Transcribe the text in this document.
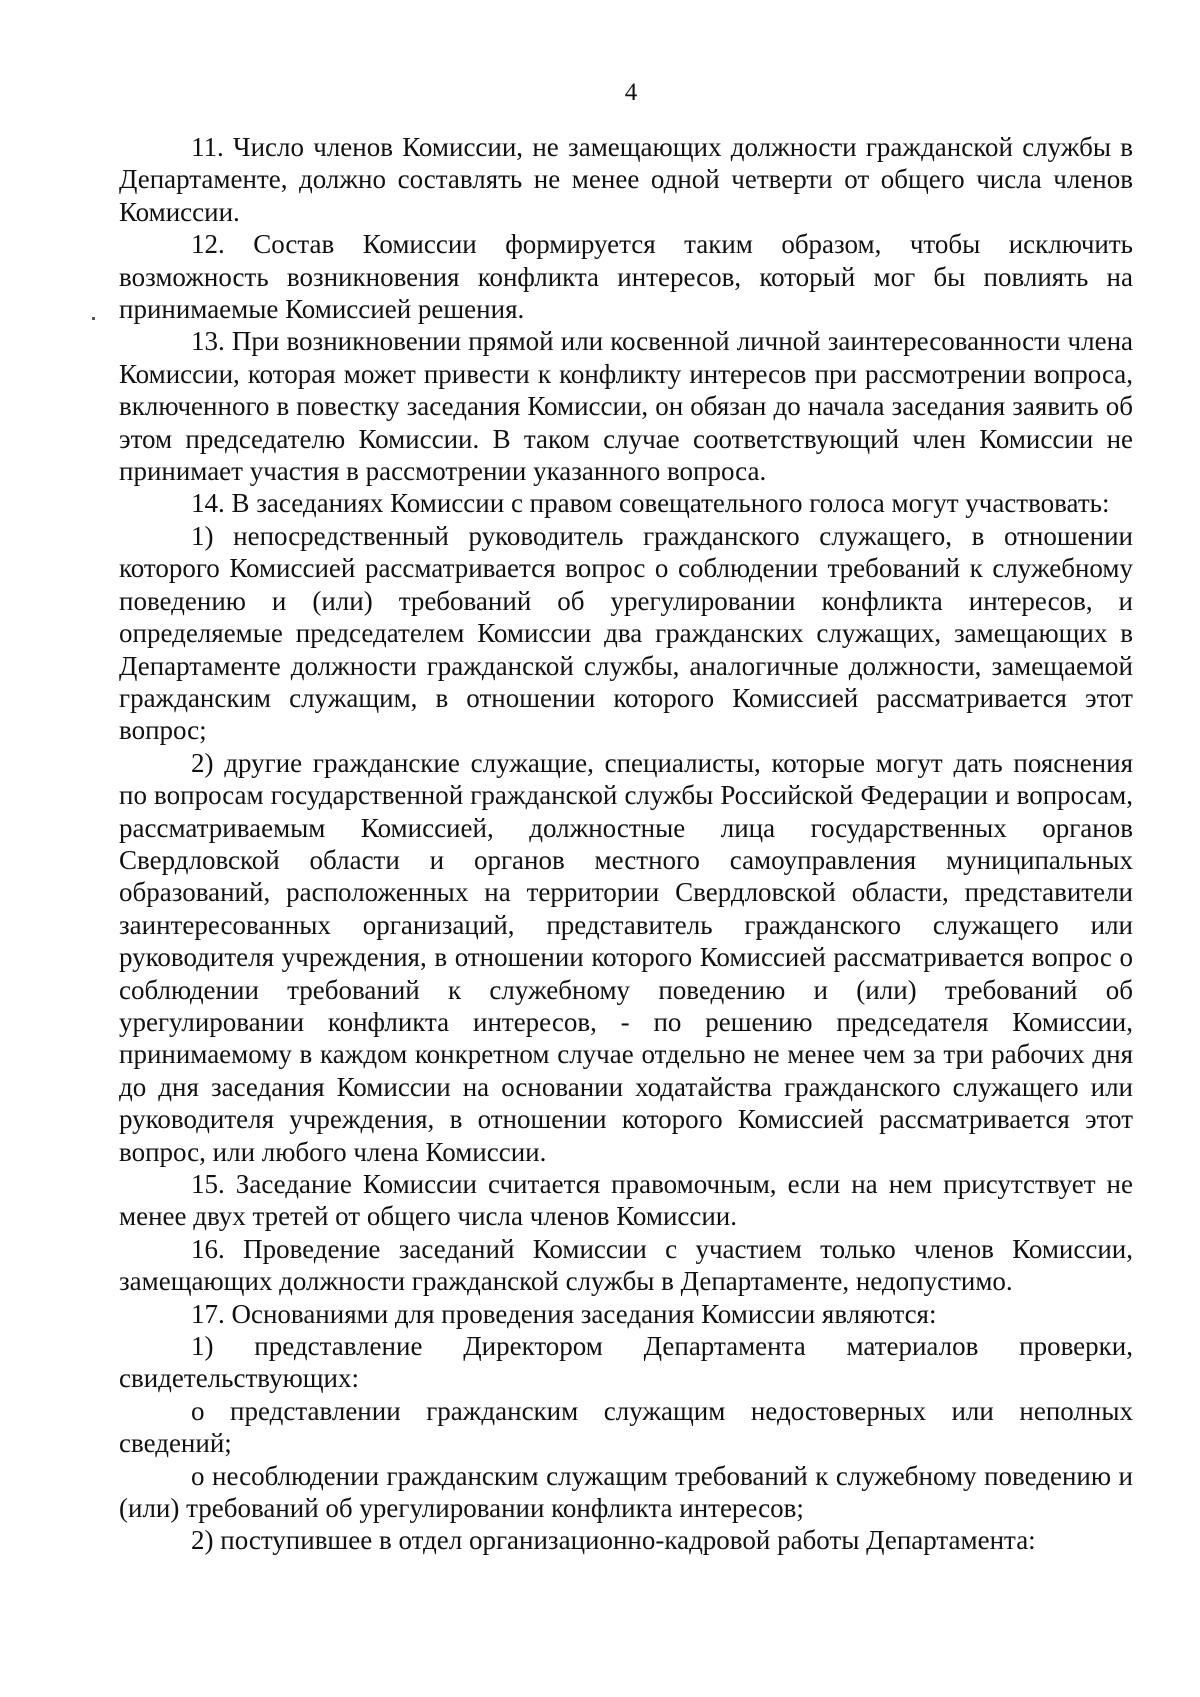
4

11. Число членов Комиссии, не замещающих должности гражданской службы в Департаменте, должно составлять не менее одной четверти от общего числа членов Комиссии.

12. Состав Комиссии формируется таким образом, чтобы исключить возможность возникновения конфликта интересов, который мог бы повлиять на принимаемые Комиссией решения.

13. При возникновении прямой или косвенной личной заинтересованности члена Комиссии, которая может привести к конфликту интересов при рассмотрении вопроса, включенного в повестку заседания Комиссии, он обязан до начала заседания заявить об этом председателю Комиссии. В таком случае соответствующий член Комиссии не принимает участия в рассмотрении указанного вопроса.

14. В заседаниях Комиссии с правом совещательного голоса могут участвовать:

1) непосредственный руководитель гражданского служащего, в отношении которого Комиссией рассматривается вопрос о соблюдении требований к служебному поведению и (или) требований об урегулировании конфликта интересов, и определяемые председателем Комиссии два гражданских служащих, замещающих в Департаменте должности гражданской службы, аналогичные должности, замещаемой гражданским служащим, в отношении которого Комиссией рассматривается этот вопрос;

2) другие гражданские служащие, специалисты, которые могут дать пояснения по вопросам государственной гражданской службы Российской Федерации и вопросам, рассматриваемым Комиссией, должностные лица государственных органов Свердловской области и органов местного самоуправления муниципальных образований, расположенных на территории Свердловской области, представители заинтересованных организаций, представитель гражданского служащего или руководителя учреждения, в отношении которого Комиссией рассматривается вопрос о соблюдении требований к служебному поведению и (или) требований об урегулировании конфликта интересов, - по решению председателя Комиссии, принимаемому в каждом конкретном случае отдельно не менее чем за три рабочих дня до дня заседания Комиссии на основании ходатайства гражданского служащего или руководителя учреждения, в отношении которого Комиссией рассматривается этот вопрос, или любого члена Комиссии.

15. Заседание Комиссии считается правомочным, если на нем присутствует не менее двух третей от общего числа членов Комиссии.

16. Проведение заседаний Комиссии с участием только членов Комиссии, замещающих должности гражданской службы в Департаменте, недопустимо.

17. Основаниями для проведения заседания Комиссии являются:

1) представление Директором Департамента материалов проверки, свидетельствующих:

о представлении гражданским служащим недостоверных или неполных сведений;

о несоблюдении гражданским служащим требований к служебному поведению и (или) требований об урегулировании конфликта интересов;

2) поступившее в отдел организационно-кадровой работы Департамента:
